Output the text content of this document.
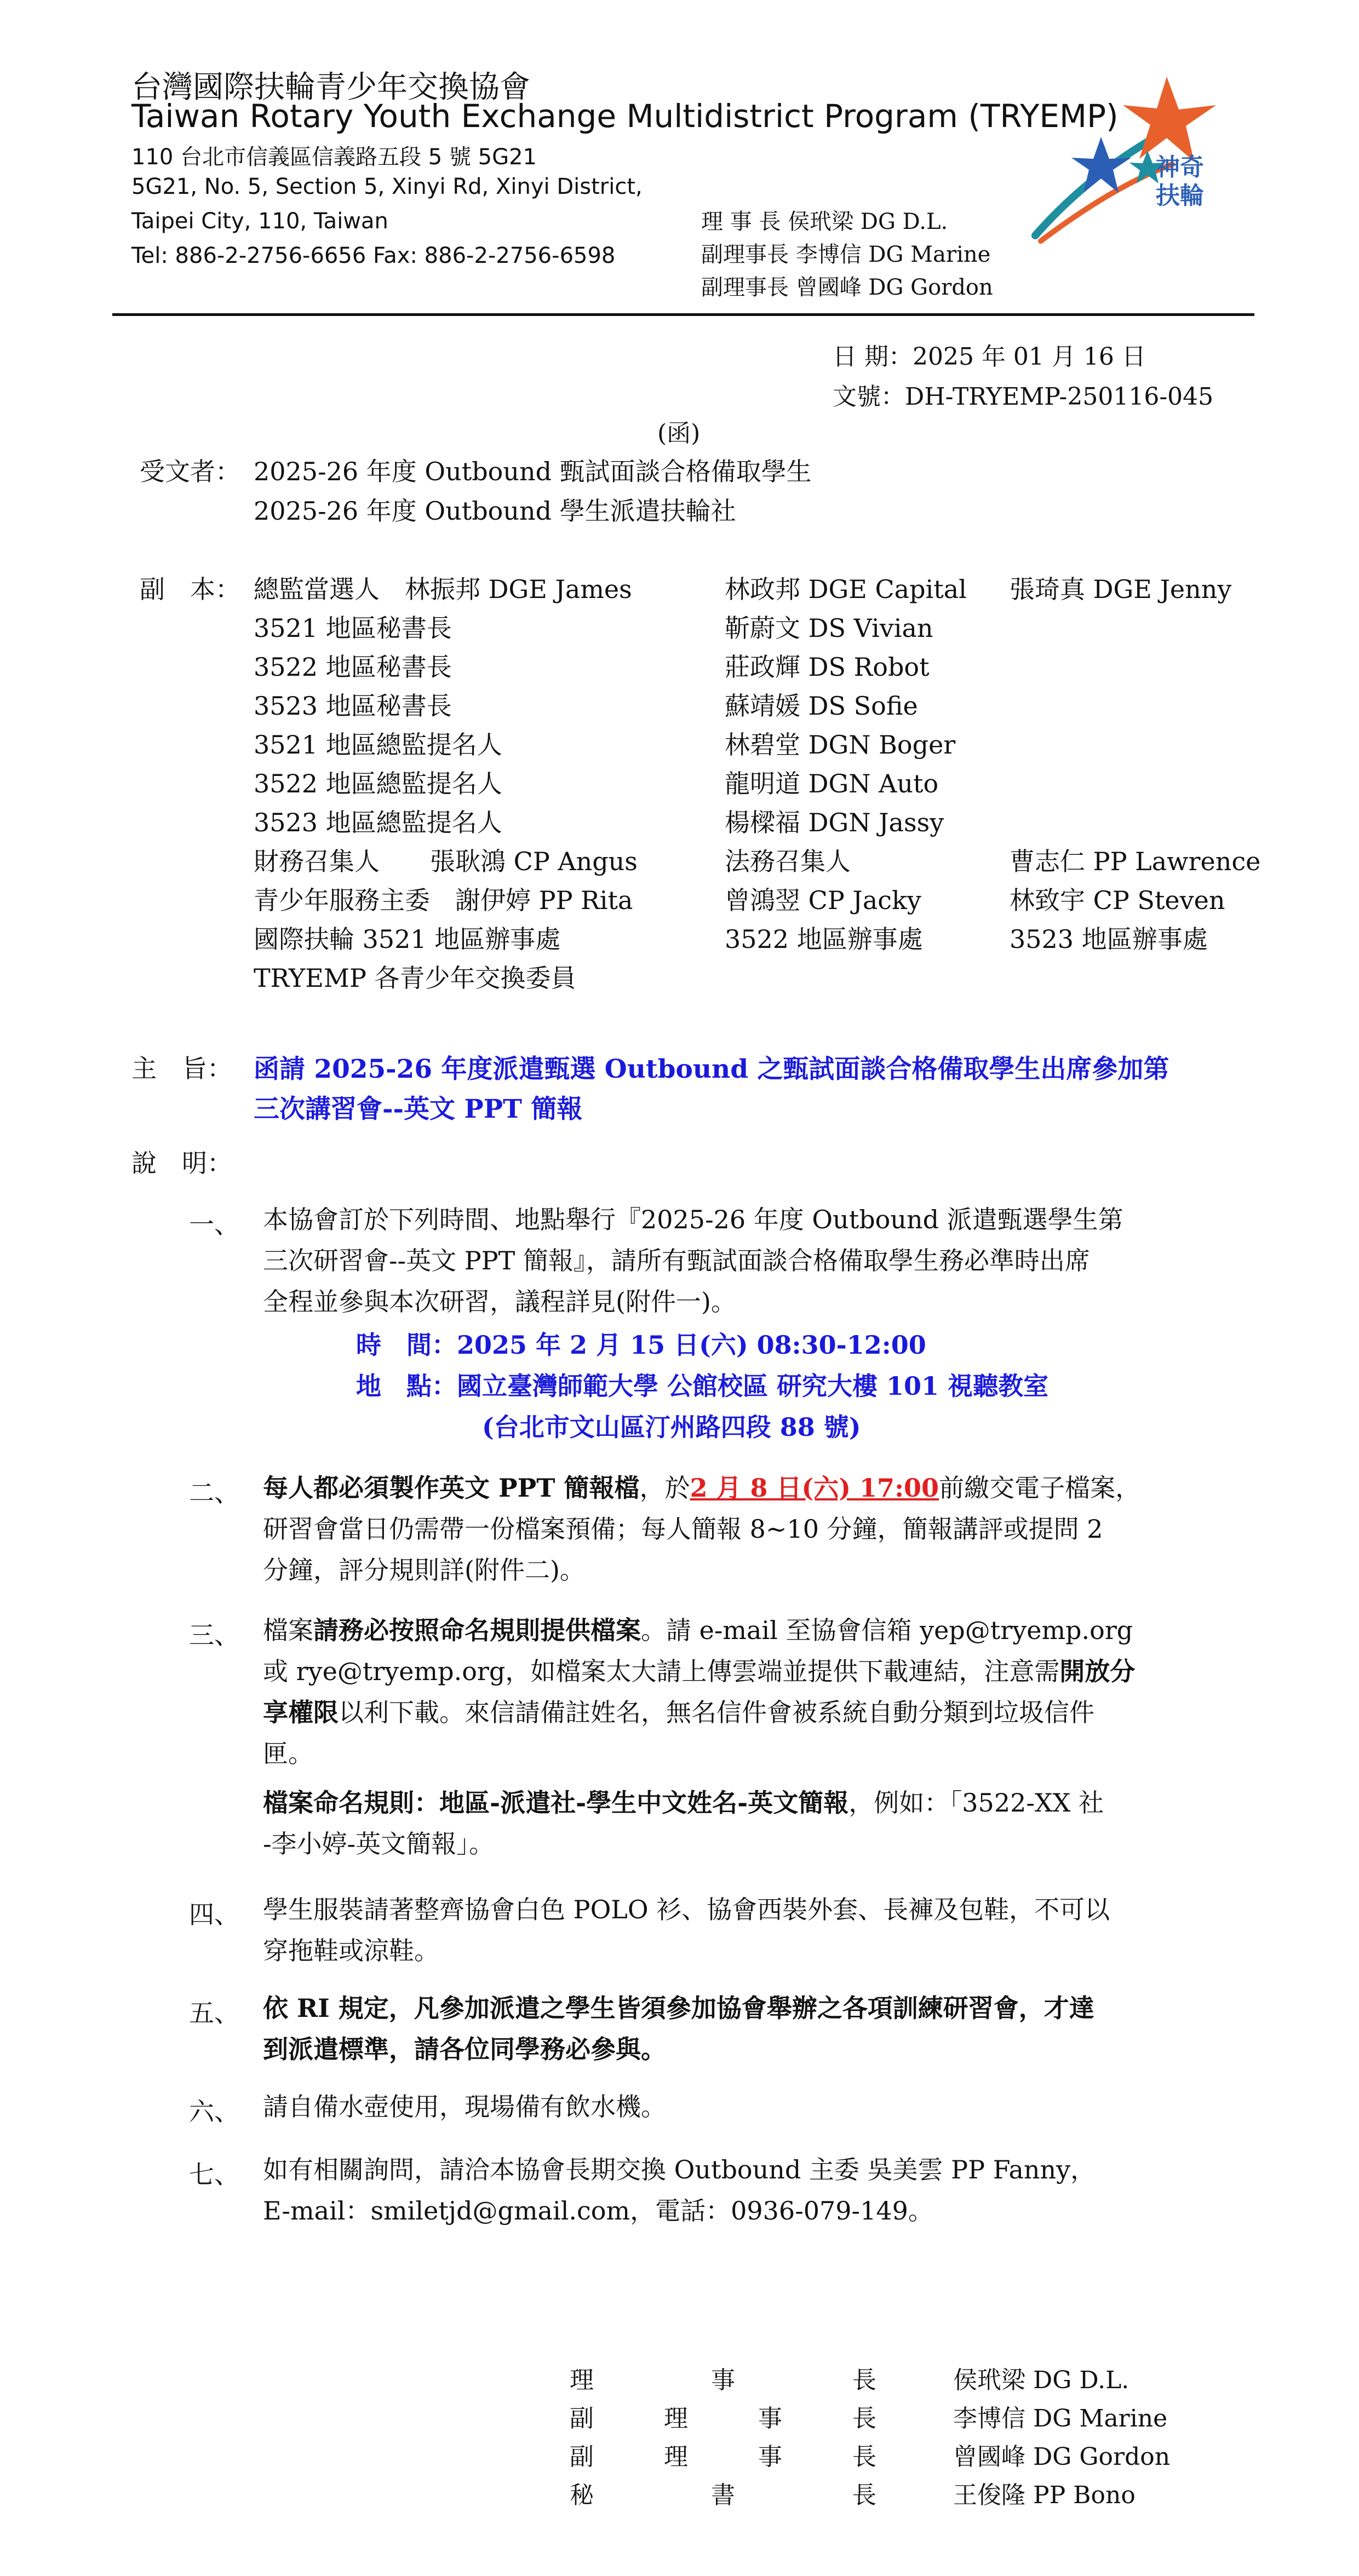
台灣國際扶輪青少年交換協會
Taiwan Rotary Youth Exchange Multidistrict Program (TRYEMP)
110 台北市信義區信義路五段 5 號 5G21
5G21, No. 5, Section 5, Xinyi Rd, Xinyi District,
Taipei City, 110, Taiwan
Tel: 886-2-2756-6656 Fax: 886-2-2756-6598
理 事 長 侯玳梁 DG D.L.
副理事長 李博信 DG Marine
副理事長 曾國峰 DG Gordon
神奇
扶輪
日 期：2025 年 01 月 16 日
文號：DH-TRYEMP-250116-045
(函)
受文者： 2025-26 年度 Outbound 甄試面談合格備取學生
2025-26 年度 Outbound 學生派遣扶輪社
副　本： 總監當選人　林振邦 DGE James	林政邦 DGE Capital 張琦真 DGE Jenny
3521 地區秘書長	靳蔚文 DS Vivian
3522 地區秘書長	莊政輝 DS Robot
3523 地區秘書長	蘇靖媛 DS Sofie
3521 地區總監提名人	林碧堂 DGN Boger
3522 地區總監提名人	龍明道 DGN Auto
3523 地區總監提名人	楊樑福 DGN Jassy
財務召集人　　張耿鴻 CP Angus	法務召集人	曹志仁 PP Lawrence
青少年服務主委　謝伊婷 PP Rita	曾鴻翌 CP Jacky	林致宇 CP Steven
國際扶輪 3521 地區辦事處	3522 地區辦事處	3523 地區辦事處
TRYEMP 各青少年交換委員
主　旨： 函請 2025-26 年度派遣甄選 Outbound 之甄試面談合格備取學生出席參加第
三次講習會--英文 PPT 簡報
說　明：
一、 本協會訂於下列時間、地點舉行『2025-26 年度 Outbound 派遣甄選學生第
三次研習會--英文 PPT 簡報』，請所有甄試面談合格備取學生務必準時出席
全程並參與本次研習，議程詳見(附件一)。
時　間：2025 年 2 月 15 日(六) 08:30-12:00
地　點：國立臺灣師範大學 公館校區 研究大樓 101 視聽教室
(台北市文山區汀州路四段 88 號)
二、 每人都必須製作英文 PPT 簡報檔，於2 月 8 日(六) 17:00前繳交電子檔案，
研習會當日仍需帶一份檔案預備；每人簡報 8~10 分鐘，簡報講評或提問 2
分鐘，評分規則詳(附件二)。
三、 檔案請務必按照命名規則提供檔案。請 e-mail 至協會信箱 yep@tryemp.org
或 rye@tryemp.org，如檔案太大請上傳雲端並提供下載連結，注意需開放分
享權限以利下載。來信請備註姓名，無名信件會被系統自動分類到垃圾信件
匣。
檔案命名規則：地區-派遣社-學生中文姓名-英文簡報，例如：「3522-XX 社
-李小婷-英文簡報」。
四、 學生服裝請著整齊協會白色 POLO 衫、協會西裝外套、長褲及包鞋，不可以
穿拖鞋或涼鞋。
五、 依 RI 規定，凡參加派遣之學生皆須參加協會舉辦之各項訓練研習會，才達
到派遣標準，請各位同學務必參與。
六、 請自備水壺使用，現場備有飲水機。
七、 如有相關詢問，請洽本協會長期交換 Outbound 主委 吳美雲 PP Fanny，
E-mail：smiletjd@gmail.com，電話：0936-079-149。
理	事	長	侯玳梁 DG D.L.
副	理	事	長	李博信 DG Marine
副	理	事	長	曾國峰 DG Gordon
秘	書	長	王俊隆 PP Bono
